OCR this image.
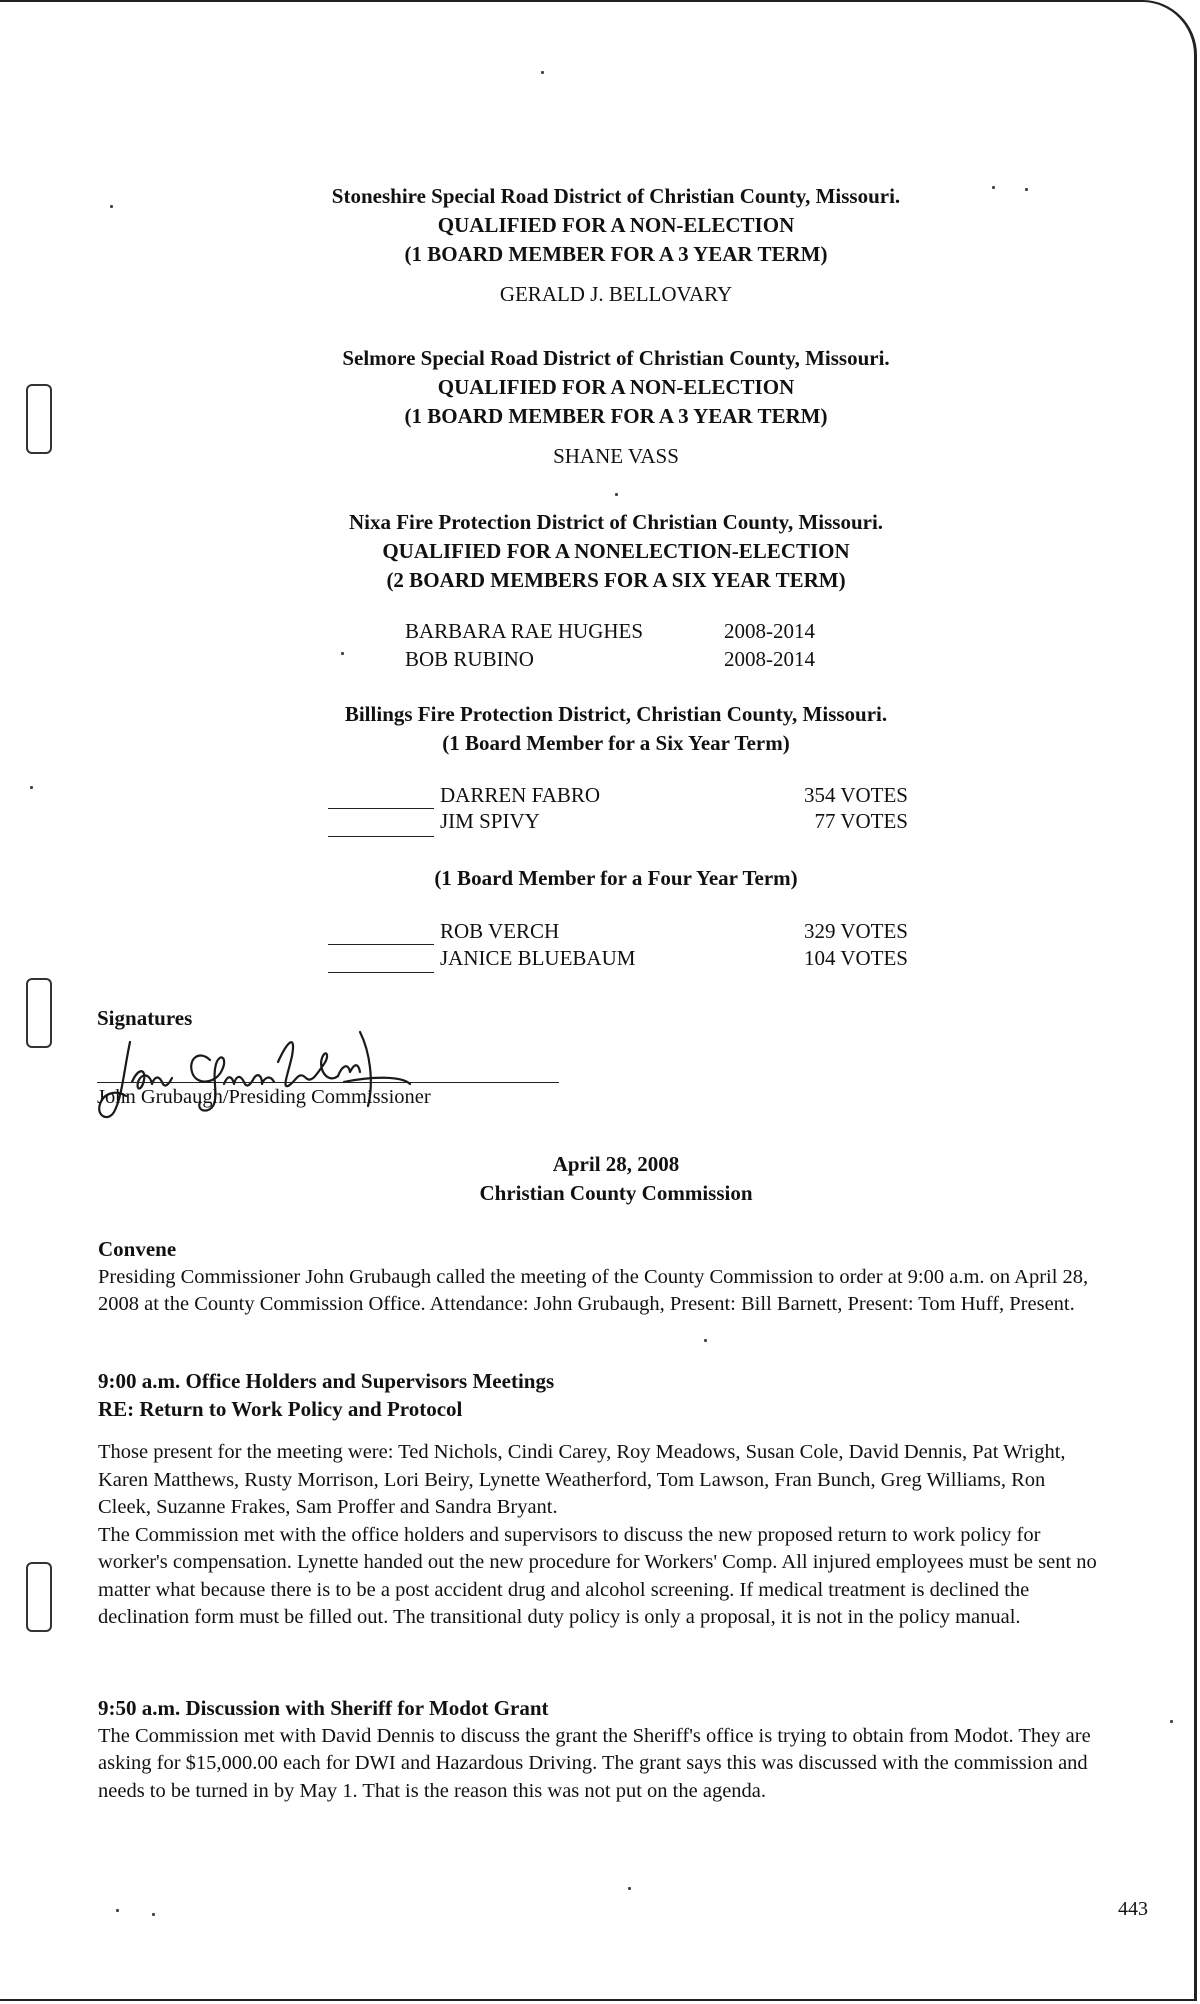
Stoneshire Special Road District of Christian County, Missouri.
QUALIFIED FOR A NON-ELECTION
(1 BOARD MEMBER FOR A 3 YEAR TERM)
GERALD J. BELLOVARY
Selmore Special Road District of Christian County, Missouri.
QUALIFIED FOR A NON-ELECTION
(1 BOARD MEMBER FOR A 3 YEAR TERM)
SHANE VASS
Nixa Fire Protection District of Christian County, Missouri.
QUALIFIED FOR A NONELECTION-ELECTION
(2 BOARD MEMBERS FOR A SIX YEAR TERM)
BARBARA RAE HUGHES	2008-2014
BOB RUBINO	2008-2014
Billings Fire Protection District, Christian County, Missouri.
(1 Board Member for a Six Year Term)
DARREN FABRO	354 VOTES
JIM SPIVY	77 VOTES
(1 Board Member for a Four Year Term)
ROB VERCH	329 VOTES
JANICE BLUEBAUM	104 VOTES
Signatures
John Grubaugh
John Grubaugh/Presiding Commissioner
April 28, 2008
Christian County Commission
Convene
Presiding Commissioner John Grubaugh called the meeting of the County Commission to order at 9:00 a.m. on April 28, 2008 at the County Commission Office. Attendance: John Grubaugh, Present: Bill Barnett, Present: Tom Huff, Present.
9:00 a.m. Office Holders and Supervisors Meetings
RE: Return to Work Policy and Protocol
Those present for the meeting were: Ted Nichols, Cindi Carey, Roy Meadows, Susan Cole, David Dennis, Pat Wright, Karen Matthews, Rusty Morrison, Lori Beiry, Lynette Weatherford, Tom Lawson, Fran Bunch, Greg Williams, Ron Cleek, Suzanne Frakes, Sam Proffer and Sandra Bryant.
The Commission met with the office holders and supervisors to discuss the new proposed return to work policy for worker's compensation. Lynette handed out the new procedure for Workers' Comp. All injured employees must be sent no matter what because there is to be a post accident drug and alcohol screening. If medical treatment is declined the declination form must be filled out. The transitional duty policy is only a proposal, it is not in the policy manual.
9:50 a.m. Discussion with Sheriff for Modot Grant
The Commission met with David Dennis to discuss the grant the Sheriff's office is trying to obtain from Modot. They are asking for $15,000.00 each for DWI and Hazardous Driving. The grant says this was discussed with the commission and needs to be turned in by May 1. That is the reason this was not put on the agenda.
443
